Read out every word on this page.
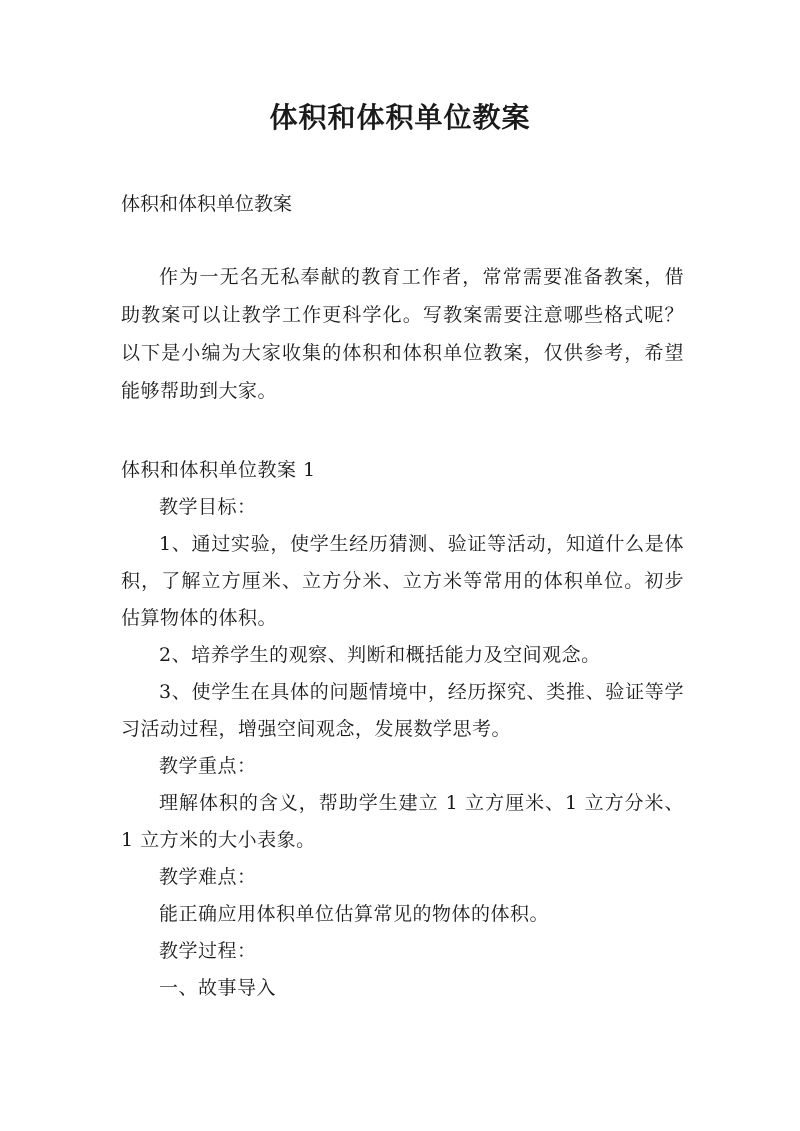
体积和体积单位教案
体积和体积单位教案
作为一无名无私奉献的教育工作者，常常需要准备教案，借助教案可以让教学工作更科学化。写教案需要注意哪些格式呢？以下是小编为大家收集的体积和体积单位教案，仅供参考，希望能够帮助到大家。

体积和体积单位教案 1

教学目标：

1、通过实验，使学生经历猜测、验证等活动，知道什么是体积，了解立方厘米、立方分米、立方米等常用的体积单位。初步估算物体的体积。

2、培养学生的观察、判断和概括能力及空间观念。

3、使学生在具体的问题情境中，经历探究、类推、验证等学习活动过程，增强空间观念，发展数学思考。

教学重点：

理解体积的含义，帮助学生建立 1 立方厘米、1 立方分米、1 立方米的大小表象。

教学难点：

能正确应用体积单位估算常见的物体的体积。

教学过程：

一、故事导入
